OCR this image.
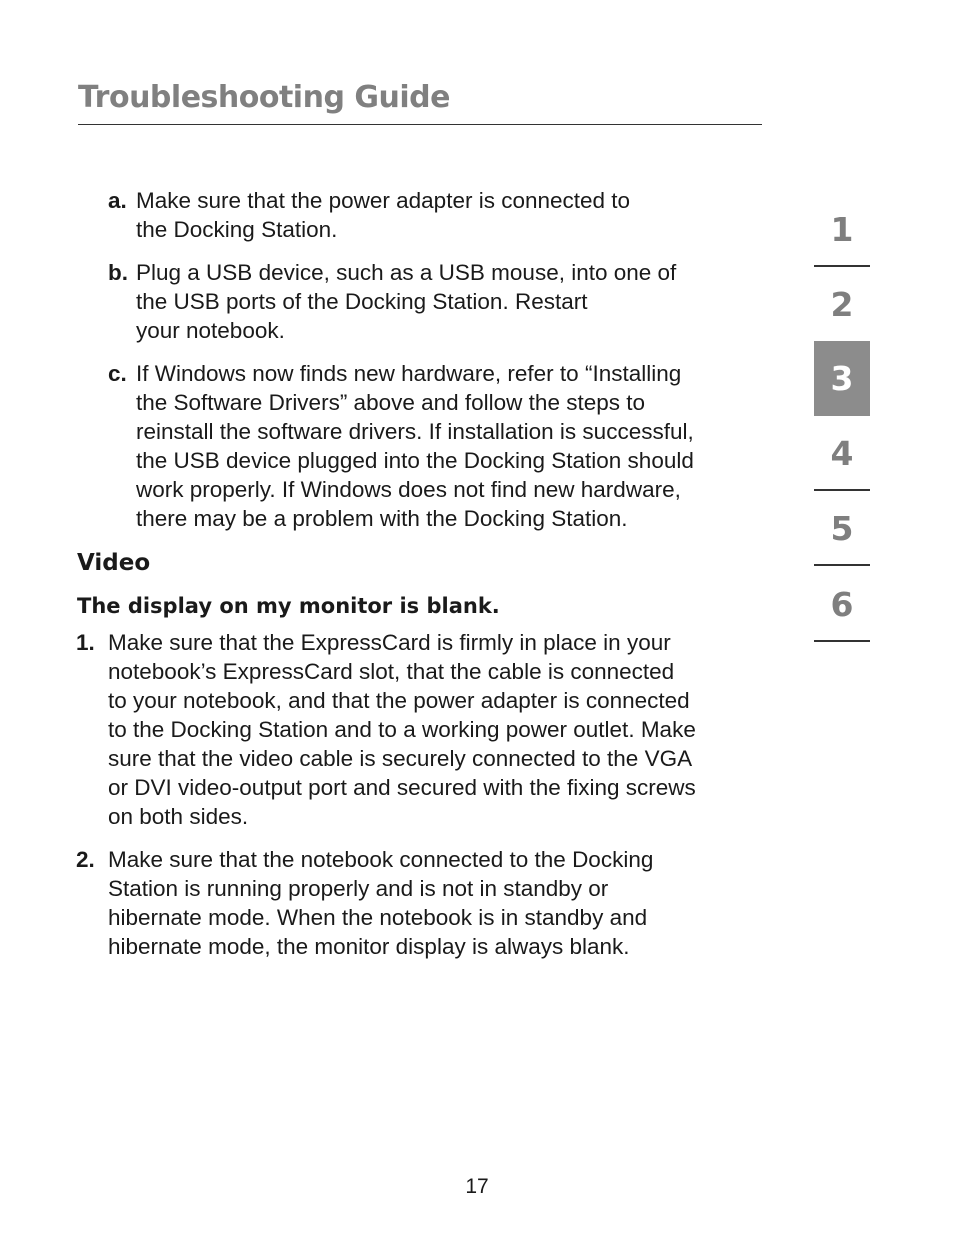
Troubleshooting Guide
a. Make sure that the power adapter is connected to
the Docking Station.
b. Plug a USB device, such as a USB mouse, into one of
the USB ports of the Docking Station. Restart
your notebook.
c. If Windows now finds new hardware, refer to “Installing
the Software Drivers” above and follow the steps to
reinstall the software drivers. If installation is successful,
the USB device plugged into the Docking Station should
work properly. If Windows does not find new hardware,
there may be a problem with the Docking Station.
Video
The display on my monitor is blank.
1. Make sure that the ExpressCard is firmly in place in your
notebook’s ExpressCard slot, that the cable is connected
to your notebook, and that the power adapter is connected
to the Docking Station and to a working power outlet. Make
sure that the video cable is securely connected to the VGA
or DVI video-output port and secured with the fixing screws
on both sides.
2. Make sure that the notebook connected to the Docking
Station is running properly and is not in standby or
hibernate mode. When the notebook is in standby and
hibernate mode, the monitor display is always blank.
1
2
3
4
5
6
17
